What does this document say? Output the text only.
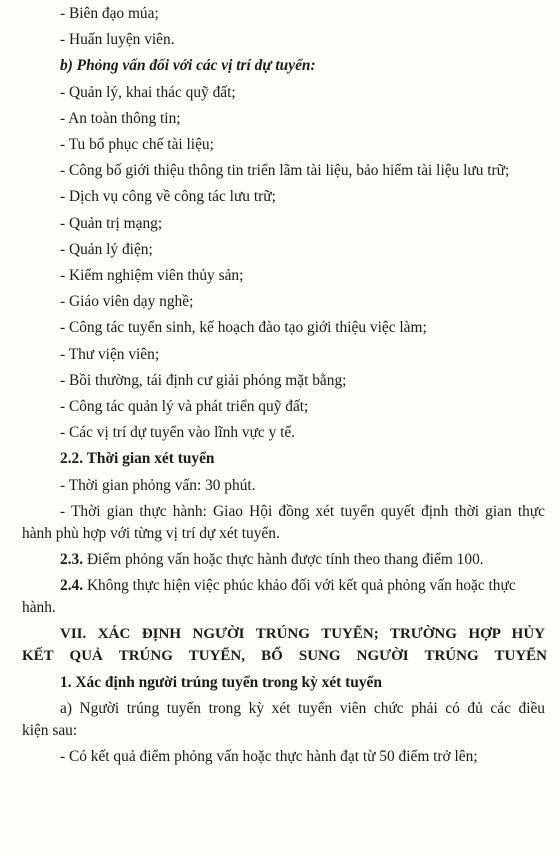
- Biên đạo múa;
- Huấn luyện viên.
b) Phỏng vấn đối với các vị trí dự tuyển:
- Quản lý, khai thác quỹ đất;
- An toàn thông tin;
- Tu bổ phục chế tài liệu;
- Công bố giới thiệu thông tin triển lãm tài liệu, bảo hiểm tài liệu lưu trữ;
- Dịch vụ công về công tác lưu trữ;
- Quản trị mạng;
- Quản lý điện;
- Kiểm nghiệm viên thủy sản;
- Giáo viên dạy nghề;
- Công tác tuyển sinh, kế hoạch đào tạo giới thiệu việc làm;
- Thư viện viên;
- Bồi thường, tái định cư giải phóng mặt bằng;
- Công tác quản lý và phát triển quỹ đất;
- Các vị trí dự tuyển vào lĩnh vực y tế.
2.2. Thời gian xét tuyển
- Thời gian phỏng vấn: 30 phút.
- Thời gian thực hành: Giao Hội đồng xét tuyển quyết định thời gian thực
hành phù hợp với từng vị trí dự xét tuyển.
2.3. Điểm phỏng vấn hoặc thực hành được tính theo thang điểm 100.
2.4. Không thực hiện việc phúc khảo đối với kết quả phỏng vấn hoặc thực
hành.
VII. XÁC ĐỊNH NGƯỜI TRÚNG TUYỂN; TRƯỜNG HỢP HỦY
KẾT QUẢ TRÚNG TUYỂN, BỔ SUNG NGƯỜI TRÚNG TUYỂN
1. Xác định người trúng tuyển trong kỳ xét tuyển
a) Người trúng tuyển trong kỳ xét tuyển viên chức phải có đủ các điều
kiện sau:
- Có kết quả điểm phỏng vấn hoặc thực hành đạt từ 50 điểm trở lên;
